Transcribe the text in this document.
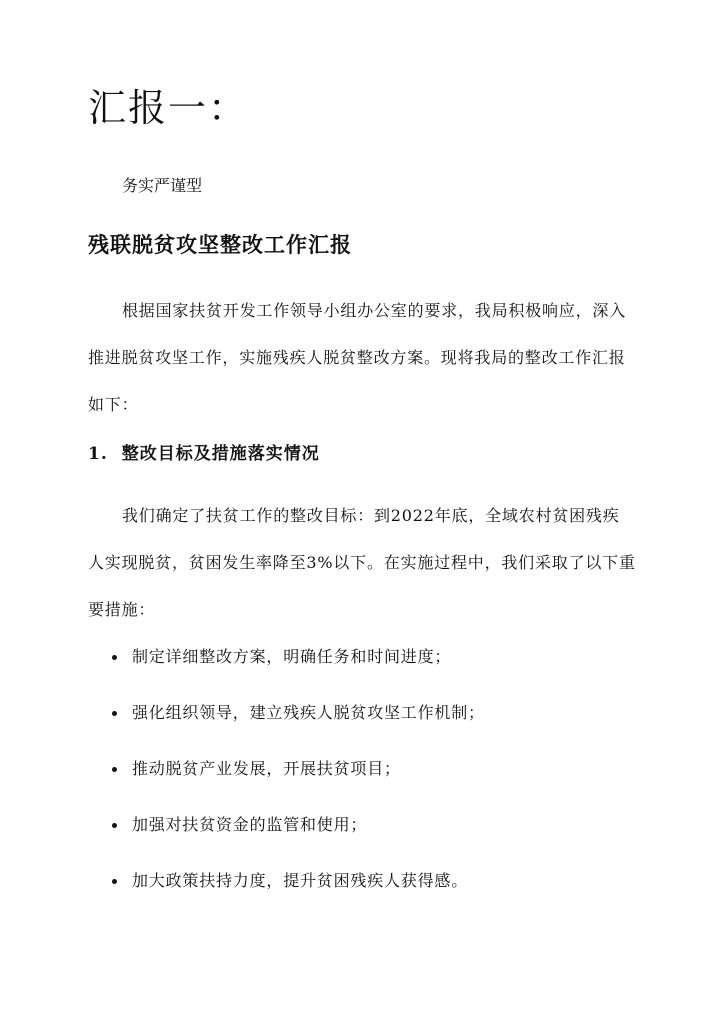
汇报一：

务实严谨型

残联脱贫攻坚整改工作汇报

根据国家扶贫开发工作领导小组办公室的要求，我局积极响应，深入推进脱贫攻坚工作，实施残疾人脱贫整改方案。现将我局的整改工作汇报如下：

1. 整改目标及措施落实情况

我们确定了扶贫工作的整改目标：到2022年底，全域农村贫困残疾人实现脱贫，贫困发生率降至3%以下。在实施过程中，我们采取了以下重要措施：

制定详细整改方案，明确任务和时间进度；
强化组织领导，建立残疾人脱贫攻坚工作机制；
推动脱贫产业发展，开展扶贫项目；
加强对扶贫资金的监管和使用；
加大政策扶持力度，提升贫困残疾人获得感。
